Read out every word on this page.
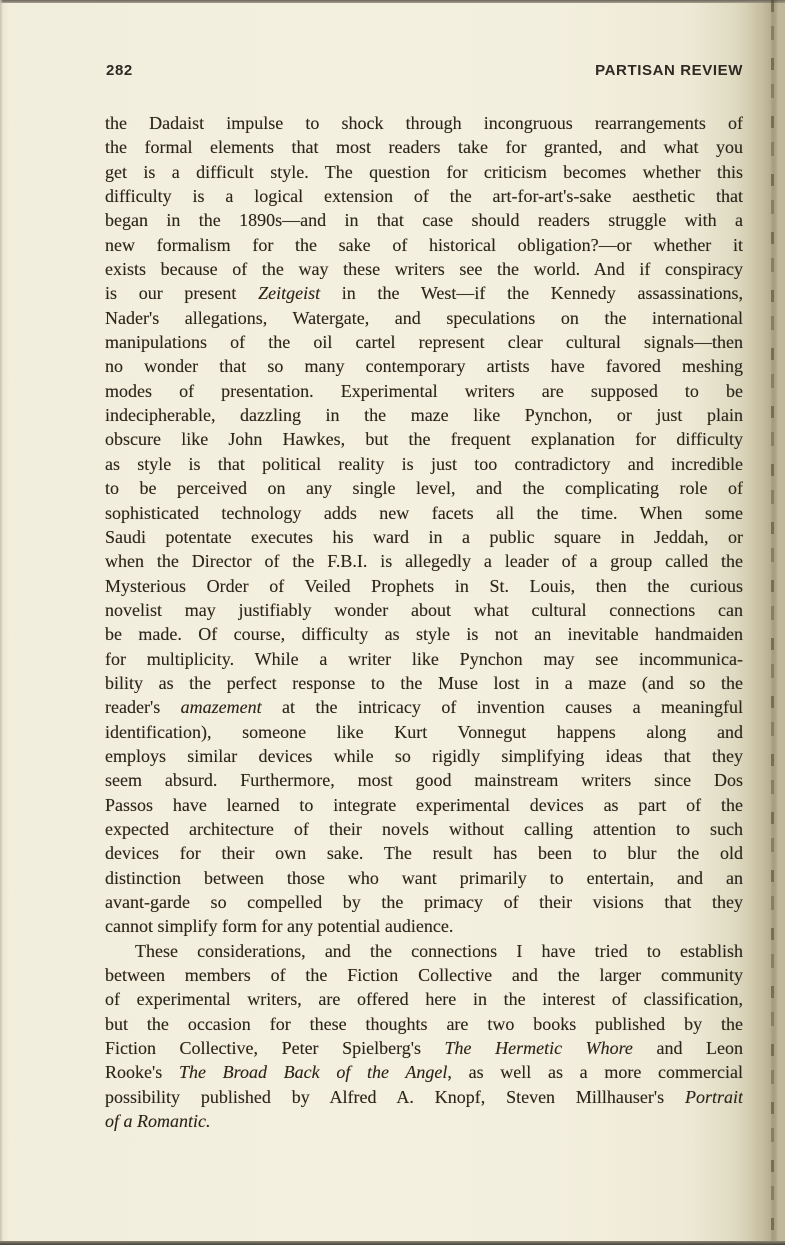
282	PARTISAN REVIEW
the Dadaist impulse to shock through incongruous rearrangements of
the formal elements that most readers take for granted, and what you
get is a difficult style. The question for criticism becomes whether this
difficulty is a logical extension of the art-for-art's-sake aesthetic that
began in the 1890s—and in that case should readers struggle with a
new formalism for the sake of historical obligation?—or whether it
exists because of the way these writers see the world. And if conspiracy
is our present Zeitgeist in the West—if the Kennedy assassinations,
Nader's allegations, Watergate, and speculations on the international
manipulations of the oil cartel represent clear cultural signals—then
no wonder that so many contemporary artists have favored meshing
modes of presentation. Experimental writers are supposed to be
indecipherable, dazzling in the maze like Pynchon, or just plain
obscure like John Hawkes, but the frequent explanation for difficulty
as style is that political reality is just too contradictory and incredible
to be perceived on any single level, and the complicating role of
sophisticated technology adds new facets all the time. When some
Saudi potentate executes his ward in a public square in Jeddah, or
when the Director of the F.B.I. is allegedly a leader of a group called the
Mysterious Order of Veiled Prophets in St. Louis, then the curious
novelist may justifiably wonder about what cultural connections can
be made. Of course, difficulty as style is not an inevitable handmaiden
for multiplicity. While a writer like Pynchon may see incommunica-
bility as the perfect response to the Muse lost in a maze (and so the
reader's amazement at the intricacy of invention causes a meaningful
identification), someone like Kurt Vonnegut happens along and
employs similar devices while so rigidly simplifying ideas that they
seem absurd. Furthermore, most good mainstream writers since Dos
Passos have learned to integrate experimental devices as part of the
expected architecture of their novels without calling attention to such
devices for their own sake. The result has been to blur the old
distinction between those who want primarily to entertain, and an
avant-garde so compelled by the primacy of their visions that they
cannot simplify form for any potential audience.
These considerations, and the connections I have tried to establish
between members of the Fiction Collective and the larger community
of experimental writers, are offered here in the interest of classification,
but the occasion for these thoughts are two books published by the
Fiction Collective, Peter Spielberg's The Hermetic Whore and Leon
Rooke's The Broad Back of the Angel, as well as a more commercial
possibility published by Alfred A. Knopf, Steven Millhauser's Portrait
of a Romantic.
